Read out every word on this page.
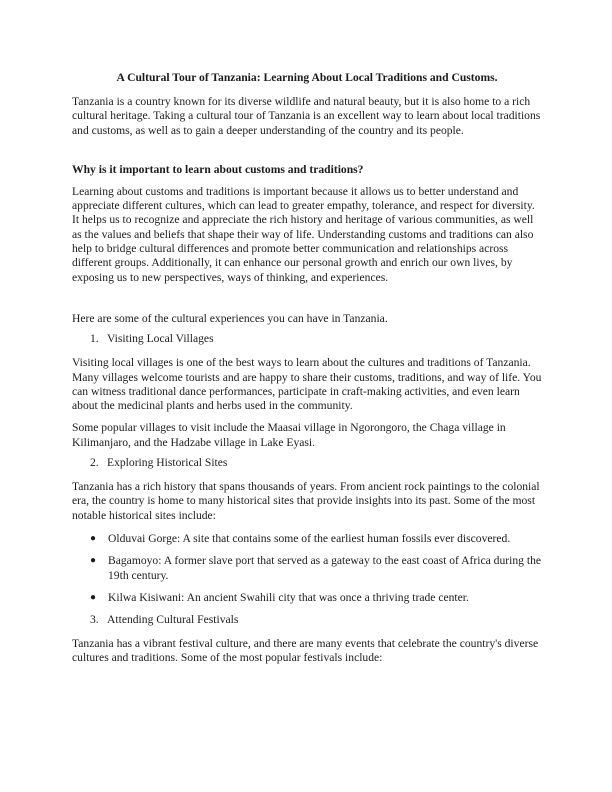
A Cultural Tour of Tanzania: Learning About Local Traditions and Customs.

Tanzania is a country known for its diverse wildlife and natural beauty, but it is also home to a rich cultural heritage. Taking a cultural tour of Tanzania is an excellent way to learn about local traditions and customs, as well as to gain a deeper understanding of the country and its people.

Why is it important to learn about customs and traditions?

Learning about customs and traditions is important because it allows us to better understand and appreciate different cultures, which can lead to greater empathy, tolerance, and respect for diversity. It helps us to recognize and appreciate the rich history and heritage of various communities, as well as the values and beliefs that shape their way of life. Understanding customs and traditions can also help to bridge cultural differences and promote better communication and relationships across different groups. Additionally, it can enhance our personal growth and enrich our own lives, by exposing us to new perspectives, ways of thinking, and experiences.

Here are some of the cultural experiences you can have in Tanzania.

1. Visiting Local Villages

Visiting local villages is one of the best ways to learn about the cultures and traditions of Tanzania. Many villages welcome tourists and are happy to share their customs, traditions, and way of life. You can witness traditional dance performances, participate in craft-making activities, and even learn about the medicinal plants and herbs used in the community.

Some popular villages to visit include the Maasai village in Ngorongoro, the Chaga village in Kilimanjaro, and the Hadzabe village in Lake Eyasi.

2. Exploring Historical Sites

Tanzania has a rich history that spans thousands of years. From ancient rock paintings to the colonial era, the country is home to many historical sites that provide insights into its past. Some of the most notable historical sites include:

●	Olduvai Gorge: A site that contains some of the earliest human fossils ever discovered.
●	Bagamoyo: A former slave port that served as a gateway to the east coast of Africa during the 19th century.
●	Kilwa Kisiwani: An ancient Swahili city that was once a thriving trade center.
3. Attending Cultural Festivals

Tanzania has a vibrant festival culture, and there are many events that celebrate the country's diverse cultures and traditions. Some of the most popular festivals include:
